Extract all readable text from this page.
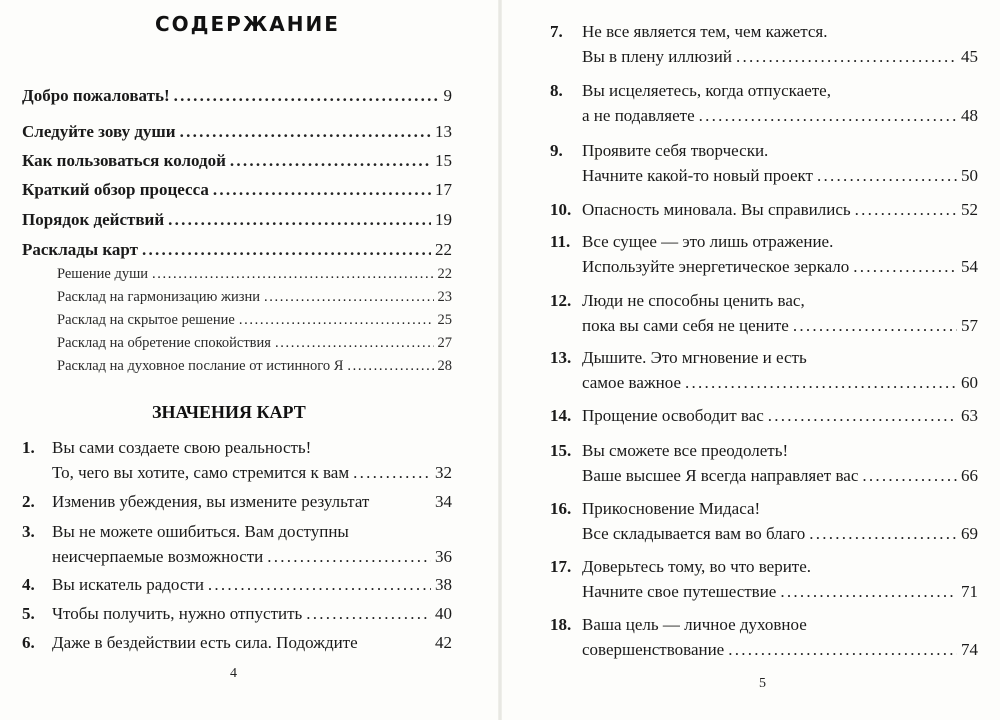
СОДЕРЖАНИЕ
Добро пожаловать! . . .	9
Следуйте зову души . . .	13
Как пользоваться колодой . . .	15
Краткий обзор процесса . . .	17
Порядок действий . . .	19
Расклады карт . . .	22
Решение души . . .	22
Расклад на гармонизацию жизни . . .	23
Расклад на скрытое решение . . .	25
Расклад на обретение спокойствия . . .	27
Расклад на духовное послание от истинного Я . . .	28
ЗНАЧЕНИЯ КАРТ
1. Вы сами создаете свою реальность!
То, чего вы хотите, само стремится к вам . . .	32
2. Изменив убеждения, вы измените результат	34
3. Вы не можете ошибиться. Вам доступны
неисчерпаемые возможности . . .	36
4. Вы искатель радости . . .	38
5. Чтобы получить, нужно отпустить . . .	40
6. Даже в бездействии есть сила. Подождите	42
4
7. Не все является тем, чем кажется.
Вы в плену иллюзий . . .	45
8. Вы исцеляетесь, когда отпускаете,
а не подавляете . . .	48
9. Проявите себя творчески.
Начните какой-то новый проект . . .	50
10. Опасность миновала. Вы справились . . .	52
11. Все сущее — это лишь отражение.
Используйте энергетическое зеркало . . .	54
12. Люди не способны ценить вас,
пока вы сами себя не цените . . .	57
13. Дышите. Это мгновение и есть
самое важное . . .	60
14. Прощение освободит вас . . .	63
15. Вы сможете все преодолеть!
Ваше высшее Я всегда направляет вас . . .	66
16. Прикосновение Мидаса!
Все складывается вам во благо . . .	69
17. Доверьтесь тому, во что верите.
Начните свое путешествие . . .	71
18. Ваша цель — личное духовное
совершенствование . . .	74
5
